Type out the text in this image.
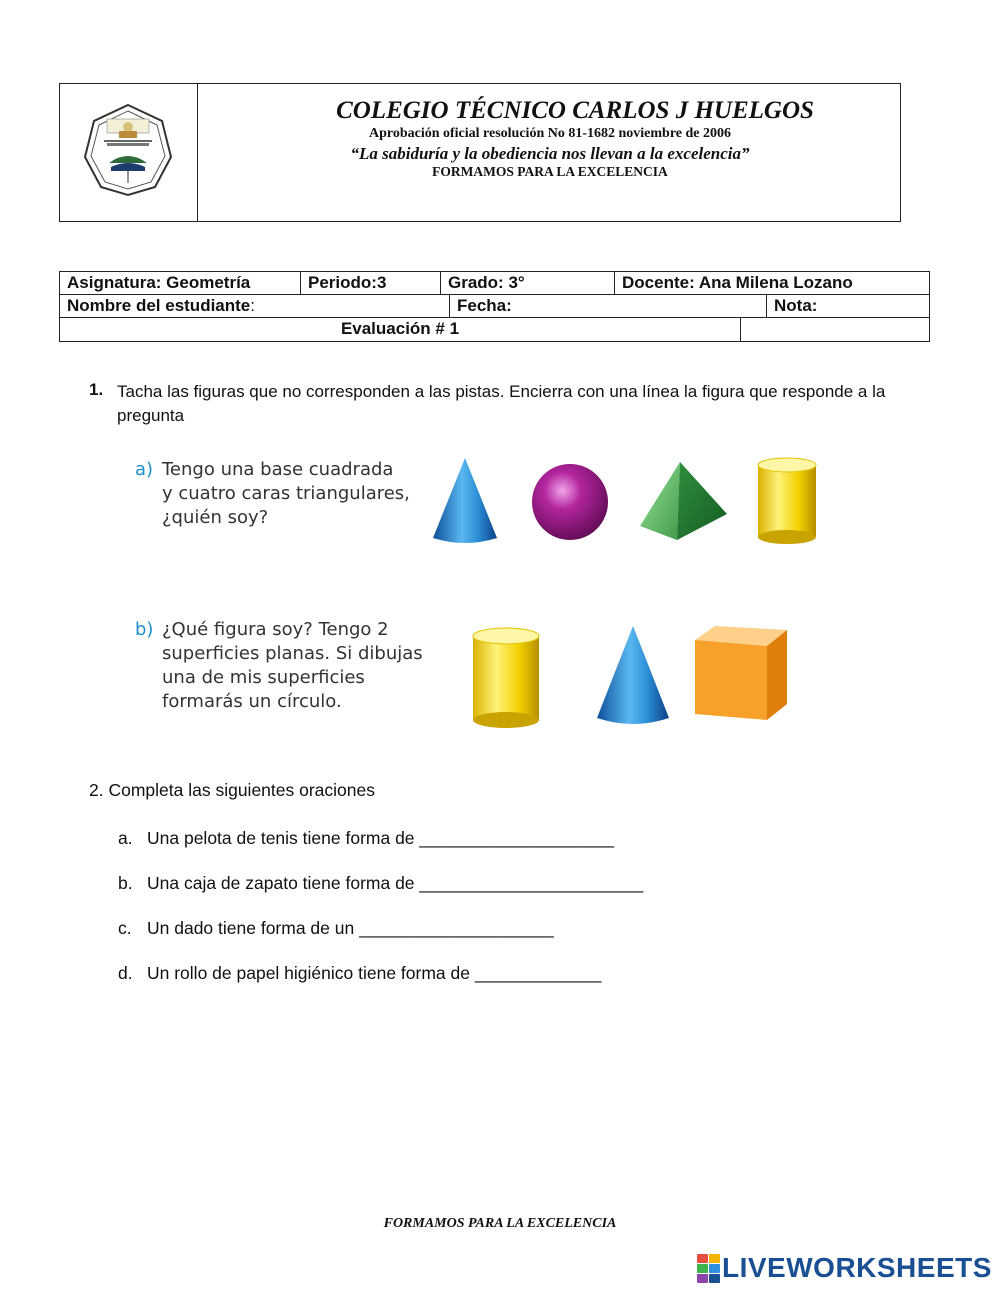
COLEGIO TÉCNICO CARLOS J HUELGOS
Aprobación oficial resolución No 81-1682 noviembre de 2006
“La sabiduría y la obediencia nos llevan a la excelencia”
FORMAMOS PARA LA EXCELENCIA
Asignatura: Geometría	Periodo:3	Grado: 3°	Docente: Ana Milena Lozano
Nombre del estudiante:	Fecha:	Nota:
Evaluación # 1
1. Tacha las figuras que no corresponden a las pistas. Encierra con una línea la figura que responde a la pregunta
a) Tengo una base cuadrada
y cuatro caras triangulares,
¿quién soy?
b) ¿Qué figura soy? Tengo 2
superficies planas. Si dibujas
una de mis superficies
formarás un círculo.
2. Completa las siguientes oraciones
a. Una pelota de tenis tiene forma de ____________________
b. Una caja de zapato tiene forma de _______________________
c. Un dado tiene forma de un ____________________
d. Un rollo de papel higiénico tiene forma de _____________
FORMAMOS PARA LA EXCELENCIA
LIVEWORKSHEETS
